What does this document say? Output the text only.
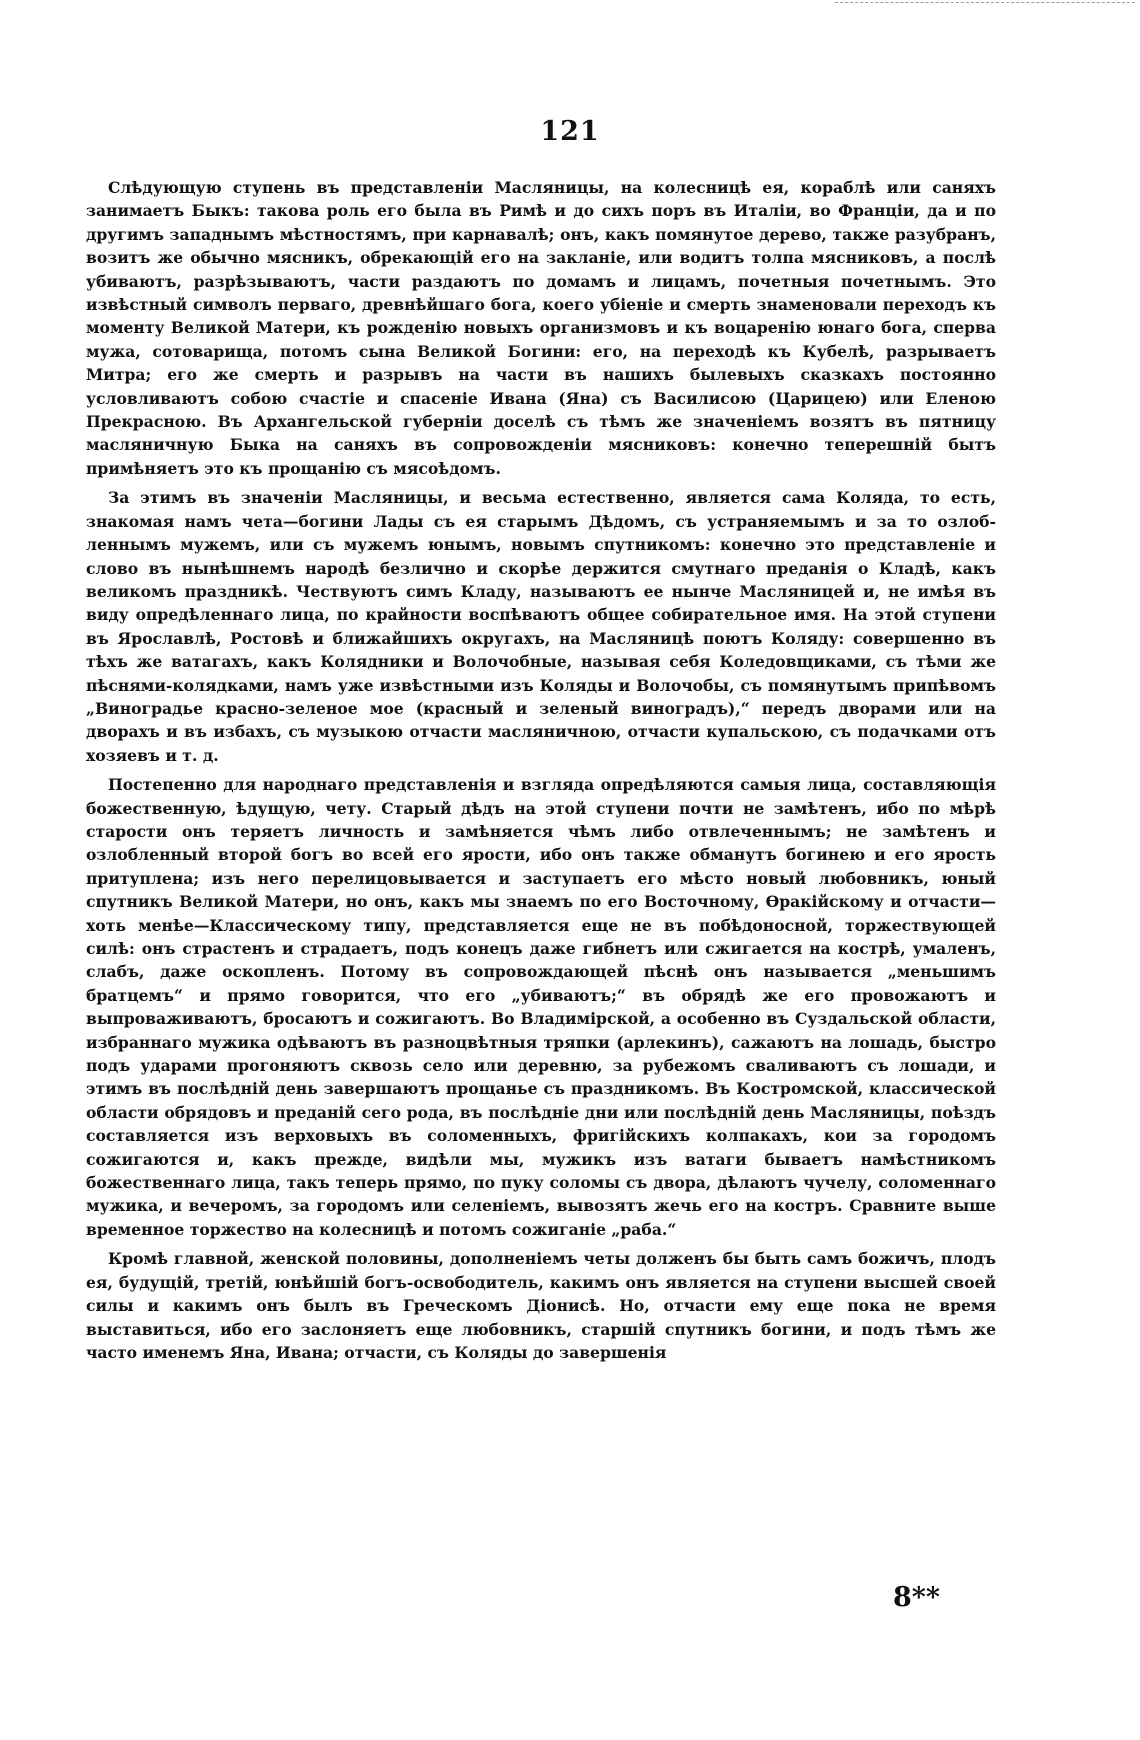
121

Слѣдующую ступень въ представленіи Масляницы, на колесницѣ ея, кораблѣ или саняхъ занимаетъ Быкъ: такова роль его была въ Римѣ и до сихъ поръ въ Италіи, во Франціи, да и по другимъ западнымъ мѣстностямъ, при карнавалѣ; онъ, какъ помянутое дерево, также разубранъ, возитъ же обычно мясникъ, обрекающій его на закланіе, или водитъ толпа мясниковъ, а послѣ убиваютъ, разрѣзываютъ, части раздаютъ по домамъ и лицамъ, почетныя почетнымъ. Это извѣстный символъ перваго, древнѣйшаго бога, коего убіеніе и смерть знаменовали переходъ къ моменту Великой Матери, къ рожденію новыхъ организмовъ и къ воцаренію юнаго бога, сперва мужа, сотоварища, потомъ сына Великой Богини: его, на переходѣ къ Кубелѣ, разрываетъ Митра; его же смерть и разрывъ на части въ нашихъ былевыхъ сказкахъ постоянно условливаютъ собою счастіе и спасеніе Ивана (Яна) съ Василисою (Царицею) или Еленою Прекрасною. Въ Архангельской губерніи доселѣ съ тѣмъ же значеніемъ возятъ въ пятницу масляничную Быка на саняхъ въ сопровожденіи мясниковъ: конечно теперешній бытъ примѣняетъ это къ прощанію съ мясоѣдомъ.

За этимъ въ значеніи Масляницы, и весьма естественно, является сама Коляда, то есть, знакомая намъ чета—богини Лады съ ея старымъ Дѣдомъ, съ устраняемымъ и за то озлобленнымъ мужемъ, или съ мужемъ юнымъ, новымъ спутникомъ: конечно это представленіе и слово въ нынѣшнемъ народѣ безлично и скорѣе держится смутнаго преданія о Кладѣ, какъ великомъ праздникѣ. Чествуютъ симъ Кладу, называютъ ее нынче Масляницей и, не имѣя въ виду опредѣленнаго лица, по крайности воспѣваютъ общее собирательное имя. На этой ступени въ Ярославлѣ, Ростовѣ и ближайшихъ округахъ, на Масляницѣ поютъ Коляду: совершенно въ тѣхъ же ватагахъ, какъ Колядники и Волочобные, называя себя Коледовщиками, съ тѣми же пѣснями-колядками, намъ уже извѣстными изъ Коляды и Волочобы, съ помянутымъ припѣвомъ „Виноградье красно-зеленое мое (красный и зеленый виноградъ),“ передъ дворами или на дворахъ и въ избахъ, съ музыкою отчасти масляничною, отчасти купальскою, съ подачками отъ хозяевъ и т. д.

Постепенно для народнаго представленія и взгляда опредѣляются самыя лица, составляющія божественную, ѣдущую, чету. Старый дѣдъ на этой ступени почти не замѣтенъ, ибо по мѣрѣ старости онъ теряетъ личность и замѣняется чѣмъ либо отвлеченнымъ; не замѣтенъ и озлобленный второй богъ во всей его ярости, ибо онъ также обманутъ богинею и его ярость притуплена; изъ него перелицовывается и заступаетъ его мѣсто новый любовникъ, юный спутникъ Великой Матери, но онъ, какъ мы знаемъ по его Восточному, Ѳракійскому и отчасти—хоть менѣе—Классическому типу, представляется еще не въ побѣдоносной, торжествующей силѣ: онъ страстенъ и страдаетъ, подъ конецъ даже гибнетъ или сжигается на кострѣ, умаленъ, слабъ, даже оскопленъ. Потому въ сопровождающей пѣснѣ онъ называется „меньшимъ братцемъ“ и прямо говорится, что его „убиваютъ;“ въ обрядѣ же его провожаютъ и выпроваживаютъ, бросаютъ и сожигаютъ. Во Владимірской, а особенно въ Суздальской области, избраннаго мужика одѣваютъ въ разноцвѣтныя тряпки (арлекинъ), сажаютъ на лошадь, быстро подъ ударами прогоняютъ сквозь село или деревню, за рубежомъ сваливаютъ съ лошади, и этимъ въ послѣдній день завершаютъ прощанье съ праздникомъ. Въ Костромской, классической области обрядовъ и преданій сего рода, въ послѣдніе дни или послѣдній день Масляницы, поѣздъ составляется изъ верховыхъ въ соломенныхъ, фригійскихъ колпакахъ, кои за городомъ сожигаются и, какъ прежде, видѣли мы, мужикъ изъ ватаги бываетъ намѣстникомъ божественнаго лица, такъ теперь прямо, по пуку соломы съ двора, дѣлаютъ чучелу, соломеннаго мужика, и вечеромъ, за городомъ или селеніемъ, вывозятъ жечь его на костръ. Сравните выше временное торжество на колесницѣ и потомъ сожиганіе „раба.“

Кромѣ главной, женской половины, дополненіемъ четы долженъ бы быть самъ божичъ, плодъ ея, будущій, третій, юнѣйшій богъ-освободитель, какимъ онъ является на ступени высшей своей силы и какимъ онъ былъ въ Греческомъ Діонисѣ. Но, отчасти ему еще пока не время выставиться, ибо его заслоняетъ еще любовникъ, старшій спутникъ богини, и подъ тѣмъ же часто именемъ Яна, Ивана; отчасти, съ Коляды до завершенія

8**
